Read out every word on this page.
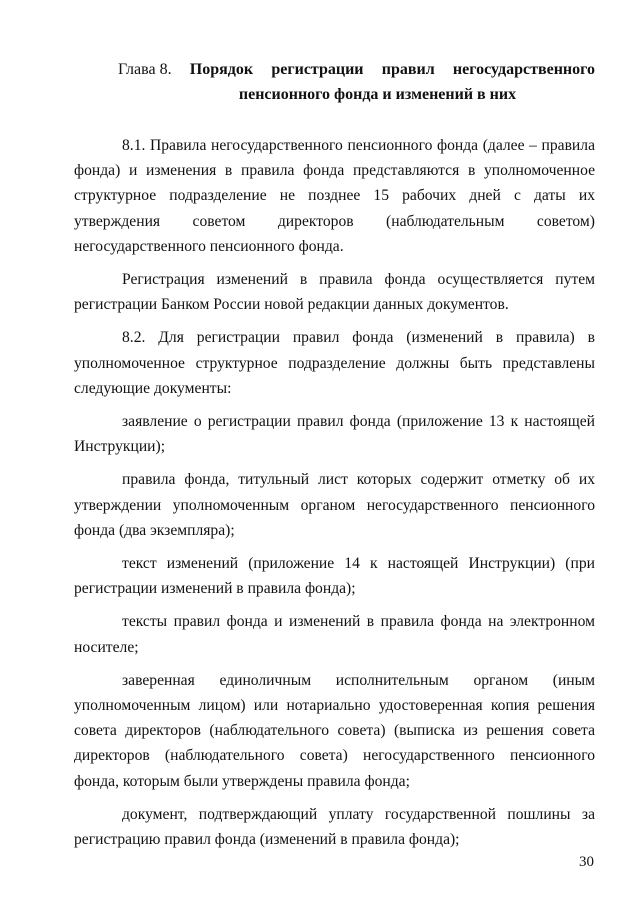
Глава 8. Порядок регистрации правил негосударственного
пенсионного фонда и изменений в них

8.1. Правила негосударственного пенсионного фонда (далее – правила фонда) и изменения в правила фонда представляются в уполномоченное структурное подразделение не позднее 15 рабочих дней с даты их утверждения советом директоров (наблюдательным советом) негосударственного пенсионного фонда.

Регистрация изменений в правила фонда осуществляется путем регистрации Банком России новой редакции данных документов.

8.2. Для регистрации правил фонда (изменений в правила) в уполномоченное структурное подразделение должны быть представлены следующие документы:

заявление о регистрации правил фонда (приложение 13 к настоящей Инструкции);

правила фонда, титульный лист которых содержит отметку об их утверждении уполномоченным органом негосударственного пенсионного фонда (два экземпляра);

текст изменений (приложение 14 к настоящей Инструкции) (при регистрации изменений в правила фонда);

тексты правил фонда и изменений в правила фонда на электронном носителе;

заверенная единоличным исполнительным органом (иным уполномоченным лицом) или нотариально удостоверенная копия решения совета директоров (наблюдательного совета) (выписка из решения совета директоров (наблюдательного совета) негосударственного пенсионного фонда, которым были утверждены правила фонда;

документ, подтверждающий уплату государственной пошлины за регистрацию правил фонда (изменений в правила фонда);

30
